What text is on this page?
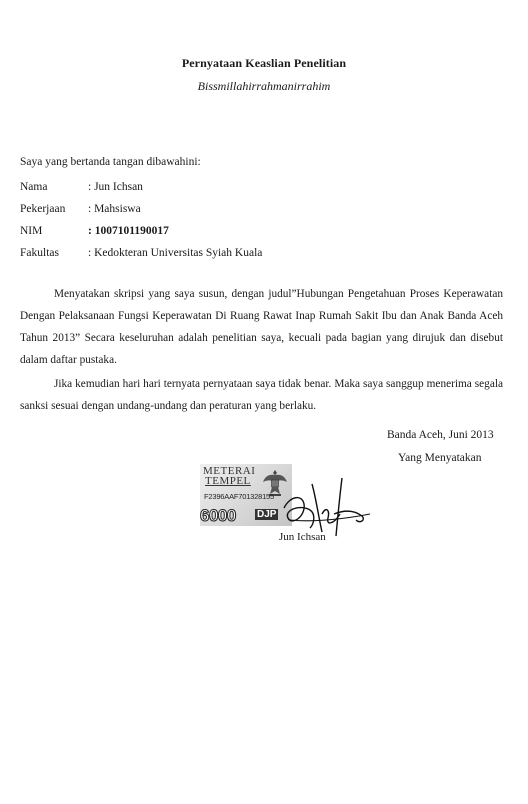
Pernyataan Keaslian Penelitian
Bissmillahirrahmanirrahim
Saya yang bertanda tangan dibawahini:
Nama	: Jun Ichsan
Pekerjaan : Mahsiswa
NIM	: 1007101190017
Fakultas	: Kedokteran Universitas Syiah Kuala
Menyatakan skripsi yang saya susun, dengan judul”Hubungan Pengetahuan Proses Keperawatan Dengan Pelaksanaan Fungsi Keperawatan Di Ruang Rawat Inap Rumah Sakit Ibu dan Anak Banda Aceh Tahun 2013” Secara keseluruhan adalah penelitian saya, kecuali pada bagian yang dirujuk dan disebut dalam daftar pustaka.
Jika kemudian hari hari ternyata pernyataan saya tidak benar. Maka saya sanggup menerima segala sanksi sesuai dengan undang-undang dan peraturan yang berlaku.
Banda Aceh, Juni 2013
Yang Menyatakan
METERAI
TEMPEL
F2396AAF701328155
6000 DJP
Jun Ichsan
